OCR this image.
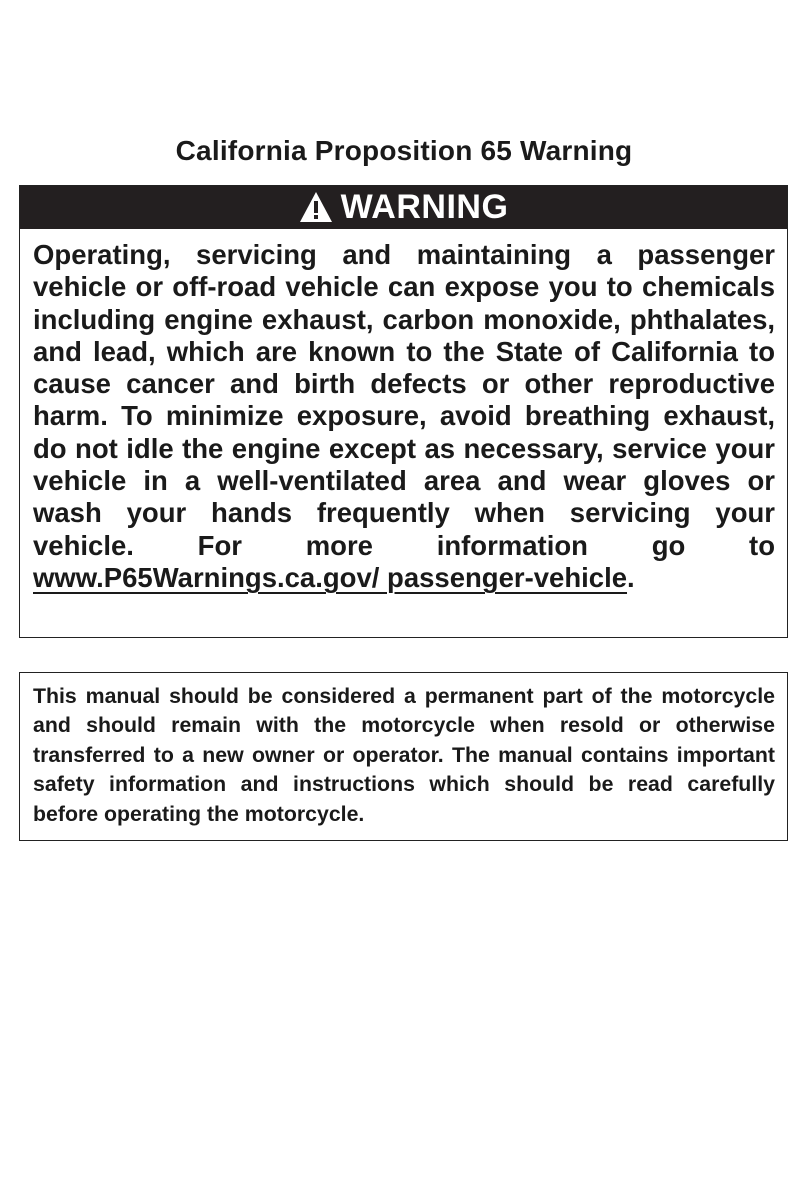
California Proposition 65 Warning
WARNING
Operating, servicing and maintaining a passenger vehicle or off-road vehicle can expose you to chemicals including engine exhaust, carbon monoxide, phthalates, and lead, which are known to the State of California to cause cancer and birth defects or other reproductive harm. To minimize exposure, avoid breathing exhaust, do not idle the engine except as necessary, service your vehicle in a well-ventilated area and wear gloves or wash your hands frequently when servicing your vehicle. For more information go to www.P65Warnings.ca.gov/ passenger-vehicle.
This manual should be considered a permanent part of the motorcycle and should remain with the motorcycle when resold or otherwise transferred to a new owner or operator. The manual contains important safety information and instructions which should be read carefully before operating the motorcycle.
